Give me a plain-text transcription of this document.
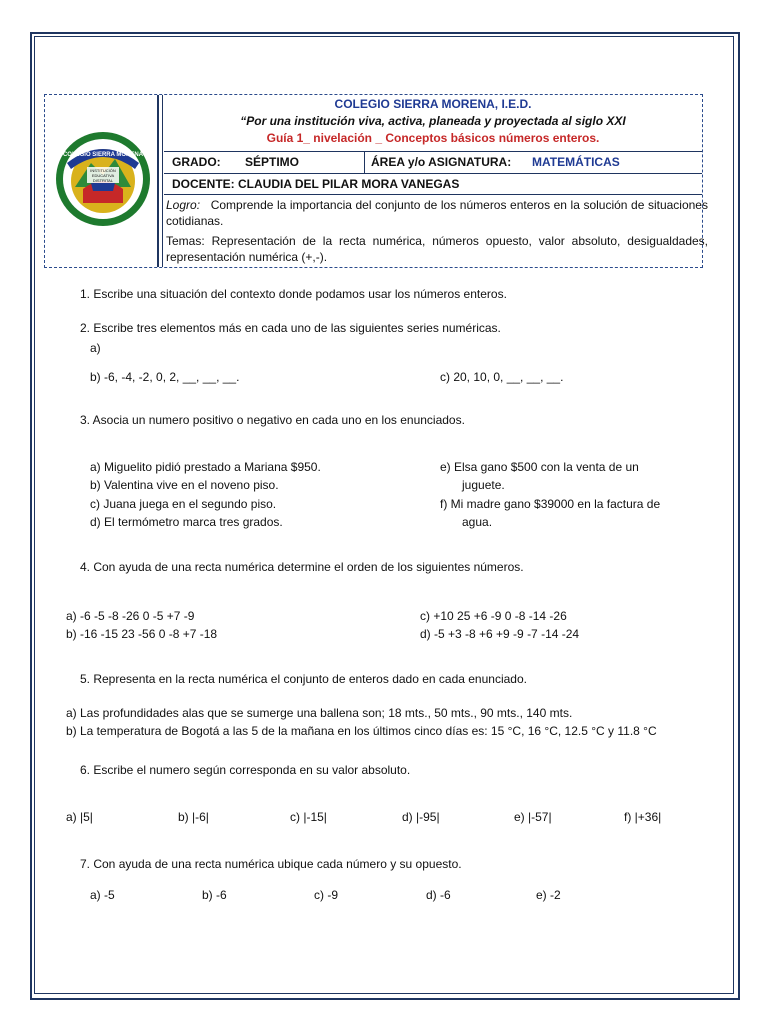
COLEGIO SIERRA MORENA
INSTITUCIÓN
EDUCATIVA
DISTRITAL
COLEGIO SIERRA MORENA, I.E.D.
“Por una institución viva, activa, planeada y proyectada al siglo XXI
Guía 1_ nivelación _ Conceptos básicos números enteros.
GRADO: SÉPTIMO	ÁREA y/o ASIGNATURA: MATEMÁTICAS
DOCENTE: CLAUDIA DEL PILAR MORA VANEGAS
Logro: Comprende la importancia del conjunto de los números enteros en la solución de situaciones cotidianas.
Temas: Representación de la recta numérica, números opuesto, valor absoluto, desigualdades, representación numérica (+,-).
1. Escribe una situación del contexto donde podamos usar los números enteros.
2. Escribe tres elementos más en cada uno de las siguientes series numéricas.
a)
b) -6, -4, -2, 0, 2, __, __, __.	c) 20, 10, 0, __, __, __.
3. Asocia un numero positivo o negativo en cada uno en los enunciados.
a) Miguelito pidió prestado a Mariana $950.
b) Valentina vive en el noveno piso.
c) Juana juega en el segundo piso.
d) El termómetro marca tres grados.
e) Elsa gano $500 con la venta de un
juguete.
f) Mi madre gano $39000 en la factura de
agua.
4. Con ayuda de una recta numérica determine el orden de los siguientes números.
a) -6 -5 -8 -26 0 -5 +7 -9
b) -16 -15 23 -56 0 -8 +7 -18
c) +10 25 +6 -9 0 -8 -14 -26
d) -5 +3 -8 +6 +9 -9 -7 -14 -24
5. Representa en la recta numérica el conjunto de enteros dado en cada enunciado.
a) Las profundidades alas que se sumerge una ballena son; 18 mts., 50 mts., 90 mts., 140 mts.
b) La temperatura de Bogotá a las 5 de la mañana en los últimos cinco días es: 15 °C, 16 °C, 12.5 °C y 11.8 °C
6. Escribe el numero según corresponda en su valor absoluto.
a) |5|	b) |-6|	c) |-15|	d) |-95|	e) |-57|	f) |+36|
7. Con ayuda de una recta numérica ubique cada número y su opuesto.
a) -5	b) -6	c) -9	d) -6	e) -2
